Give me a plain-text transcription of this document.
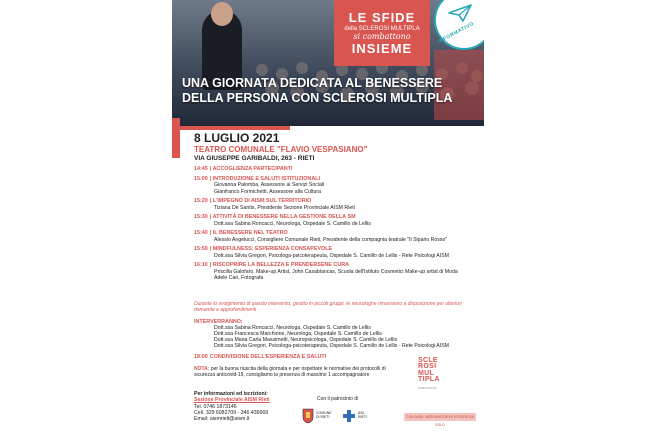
LE SFIDE
della SCLEROSI MULTIPLA
si combattono
INSIEME
INFORMATIVO
UNA GIORNATA DEDICATA AL BENESSERE
DELLA PERSONA CON SCLEROSI MULTIPLA
8 LUGLIO 2021
TEATRO COMUNALE "FLAVIO VESPASIANO"
VIA GIUSEPPE GARIBALDI, 263 - RIETI
14:45 | ACCOGLIENZA PARTECIPANTI
15:00 | INTRODUZIONE E SALUTI ISTITUZIONALI
Giovanna Palomba, Assessore ai Servizi Sociali
Gianfranco Formichetti, Assessore alla Cultura
15:20 | L'IMPEGNO DI AISM SUL TERRITORIO
Tiziana De Santis, Presidente Sezione Provinciale AISM Rieti
15:30 | ATTIVITÀ DI BENESSERE NELLA GESTIONE DELLA SM
Dott.ssa Sabina Roncacci, Neurologa, Ospedale S. Camillo de Lellis
15:40 | IL BENESSERE NEL TEATRO
Alessio Angelucci, Consigliere Comunale Rieti, Presidente della compagnia teatrale "Il Sipario Rosso"
15:50 | MINDFULNESS: ESPERIENZA CONSAPEVOLE
Dott.ssa Silvia Gregori, Psicologa-psicoterapeuta, Ospedale S. Camillo de Lellis - Rete Psicologi AISM
16:10 | RISCOPRIRE LA BELLEZZA E PRENDERSENE CURA
Priscilla Galofaro, Make-up Artist, John Casablancas, Scuola dell'Istituto Cosmetici Make-up artist di Moda
Adele Cari, Fotografa
Durante lo svolgimento di questo intervento, gestito in piccoli gruppi, le neurologhe rimarranno a disposizione per ulteriori domande e approfondimenti
INTERVERRANNO:
Dott.ssa Sabina Roncacci, Neurologa, Ospedale S. Camillo de Lellis
Dott.ssa Francesca Marchione, Neurologa, Ospedale S. Camillo de Lellis
Dott.ssa Maria Carla Massimetti, Neuropsicologa, Ospedale S. Camillo de Lellis
Dott.ssa Silvia Gregori, Psicologa-psicoterapeuta, Ospedale S. Camillo de Lellis - Rete Psicologi AISM
18:00 CONDIVISIONE DELL'ESPERIENZA E SALUTI
NOTA: per la buona riuscita della giornata e per rispettare le normative dei protocolli di sicurezza anticovid-19, consigliamo la presenza di massimo 1 accompagnatore
Per informazioni ed iscrizioni:
Sezione Provinciale AISM Rieti
Tel. 0746 1873146
Cell. 329 6082709 - 346 436669
Email: aismrieti@aism.it
Con il patrocinio di
COMUNE
DI RIETI
ASL
RIETI	CON AISM, NESSUNO DEVE ESSERE DA SOLO
SCLE
ROSI
MUL
TIPLA
AISM ONLUS
